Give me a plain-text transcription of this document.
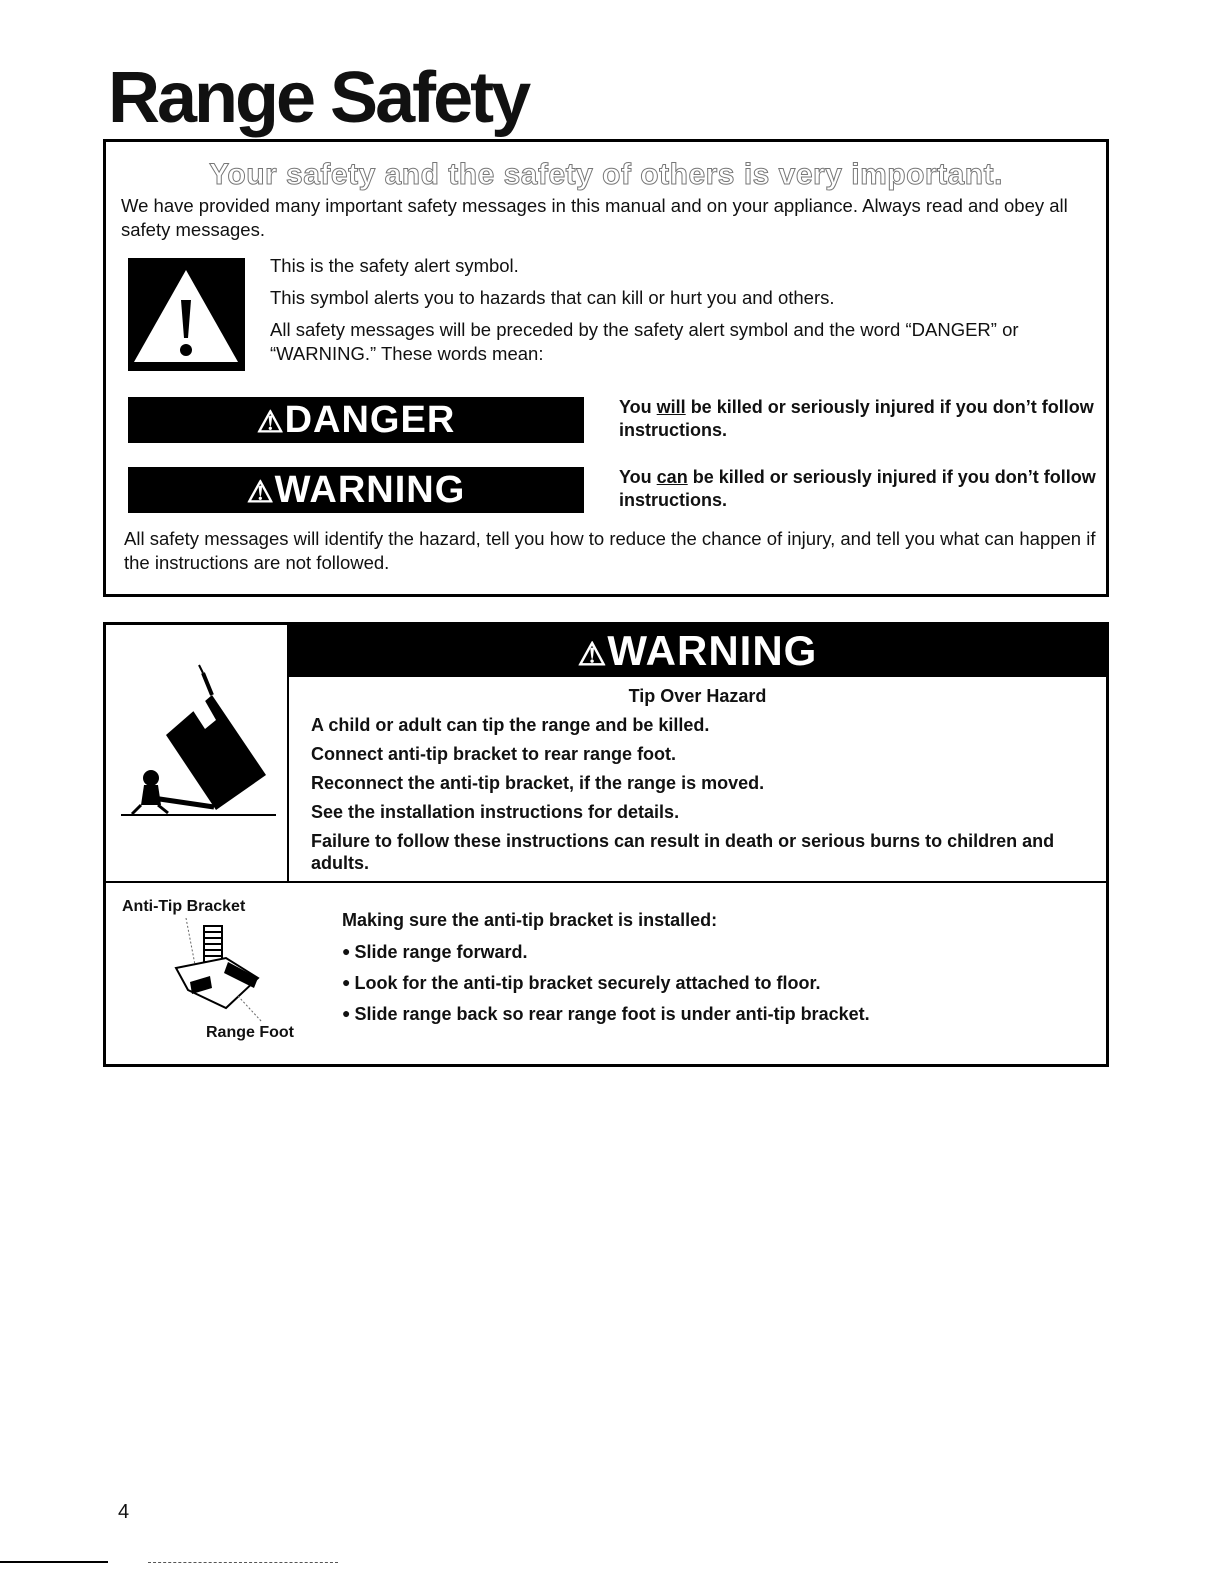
Range Safety
Your safety and the safety of others is very important.
We have provided many important safety messages in this manual and on your appliance. Always read and obey all safety messages.

This is the safety alert symbol.

This symbol alerts you to hazards that can kill or hurt you and others.

All safety messages will be preceded by the safety alert symbol and the word “DANGER” or “WARNING.” These words mean:

⚠DANGER	You will be killed or seriously injured if you don’t follow instructions.
⚠WARNING	You can be killed or seriously injured if you don’t follow instructions.
All safety messages will identify the hazard, tell you how to reduce the chance of injury, and tell you what can happen if the instructions are not followed.
⚠WARNING
Tip Over Hazard
A child or adult can tip the range and be killed.
Connect anti-tip bracket to rear range foot.
Reconnect the anti-tip bracket, if the range is moved.
See the installation instructions for details.
Failure to follow these instructions can result in death or serious burns to children and adults.
Anti-Tip Bracket
Range Foot
Making sure the anti-tip bracket is installed:
● Slide range forward.
● Look for the anti-tip bracket securely attached to floor.
● Slide range back so rear range foot is under anti-tip bracket.
4
